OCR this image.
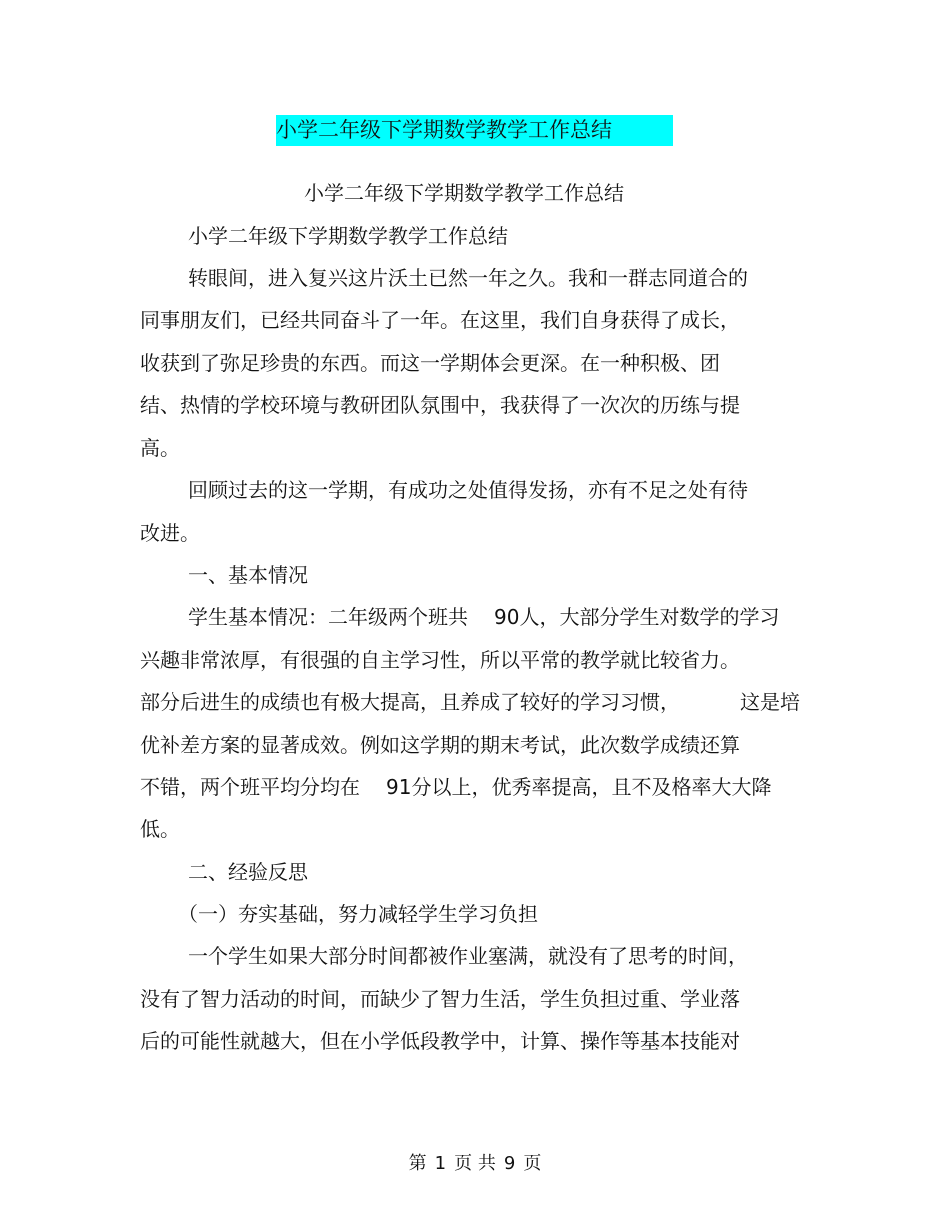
小学二年级下学期数学教学工作总结
小学二年级下学期数学教学工作总结
小学二年级下学期数学教学工作总结
转眼间，进入复兴这片沃土已然一年之久。我和一群志同道合的
同事朋友们，已经共同奋斗了一年。在这里，我们自身获得了成长，
收获到了弥足珍贵的东西。而这一学期体会更深。在一种积极、团
结、热情的学校环境与教研团队氛围中，我获得了一次次的历练与提
高。
回顾过去的这一学期，有成功之处值得发扬，亦有不足之处有待
改进。
一、基本情况
学生基本情况：二年级两个班共 90人，大部分学生对数学的学习
兴趣非常浓厚，有很强的自主学习性，所以平常的教学就比较省力。
部分后进生的成绩也有极大提高，且养成了较好的学习习惯，	这是培
优补差方案的显著成效。例如这学期的期末考试，此次数学成绩还算
不错，两个班平均分均在 91分以上，优秀率提高，且不及格率大大降
低。
二、经验反思
（一）夯实基础，努力减轻学生学习负担
一个学生如果大部分时间都被作业塞满，就没有了思考的时间，
没有了智力活动的时间，而缺少了智力生活，学生负担过重、学业落
后的可能性就越大，但在小学低段教学中，计算、操作等基本技能对
第 1 页 共 9 页
